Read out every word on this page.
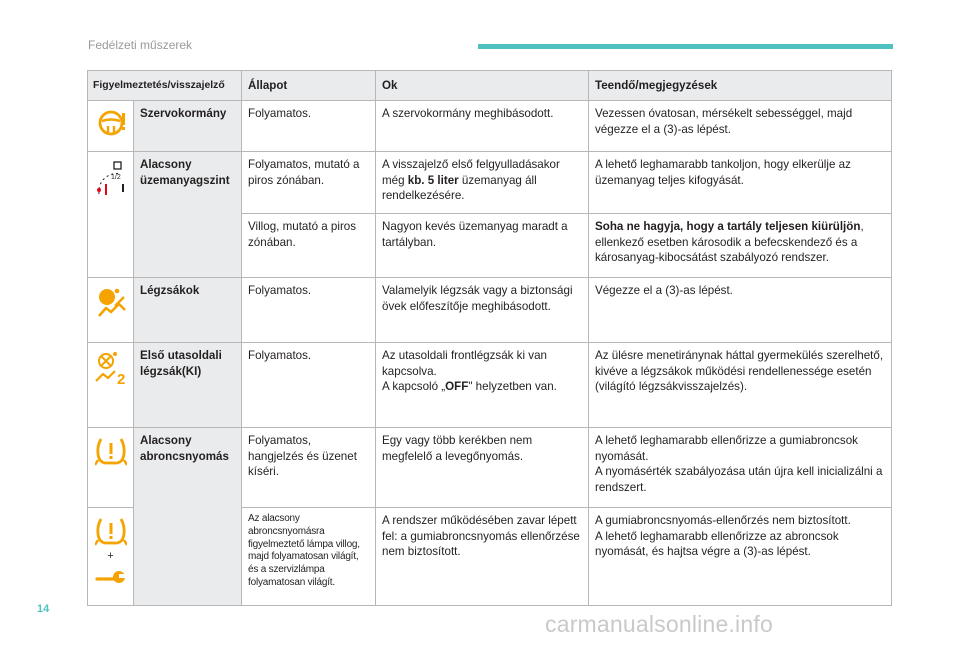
Fedélzeti műszerek
Figyelmeztetés/visszajelző		Állapot	Ok	Teendő/megjegyzések
	Szervokormány	Folyamatos.	A szervokormány meghibásodott.	Vezessen óvatosan, mérsékelt sebességgel, majd végezze el a (3)-as lépést.

1/2	Alacsony üzemanyagszint	Folyamatos, mutató a piros zónában.	A visszajelző első felgyulladásakor még kb. 5 liter üzemanyag áll rendelkezésére.	A lehető leghamarabb tankoljon, hogy elkerülje az üzemanyag teljes kifogyását.
		Villog, mutató a piros zónában.	Nagyon kevés üzemanyag maradt a tartályban.	Soha ne hagyja, hogy a tartály teljesen kiürüljön, ellenkező esetben károsodik a befecskendező és a károsanyag-kibocsátást szabályozó rendszer.
	Légzsákok	Folyamatos.	Valamelyik légzsák vagy a biztonsági övek előfeszítője meghibásodott.	Végezze el a (3)-as lépést.

2	Első utasoldali légzsák(KI)	Folyamatos.	Az utasoldali frontlégzsák ki van kapcsolva.
A kapcsoló „OFF" helyzetben van.	Az ülésre menetiránynak háttal gyermekülés szerelhető, kivéve a légzsákok működési rendellenessége esetén (világító légzsákvisszajelzés).
	Alacsony abroncsnyomás	Folyamatos, hangjelzés és üzenet kíséri.	Egy vagy több kerékben nem megfelelő a levegőnyomás.	A lehető leghamarabb ellenőrizze a gumiabroncsok nyomását.
A nyomásérték szabályozása után újra kell inicializálni a rendszert.

+		Az alacsony abroncsnyomásra figyelmeztető lámpa villog, majd folyamatosan világít, és a szervizlámpa folyamatosan világít.	A rendszer működésében zavar lépett fel: a gumiabroncsnyomás ellenőrzése nem biztosított.	A gumiabroncsnyomás-ellenőrzés nem biztosított.
A lehető leghamarabb ellenőrizze az abroncsok nyomását, és hajtsa végre a (3)-as lépést.
14
carmanualsonline.info
